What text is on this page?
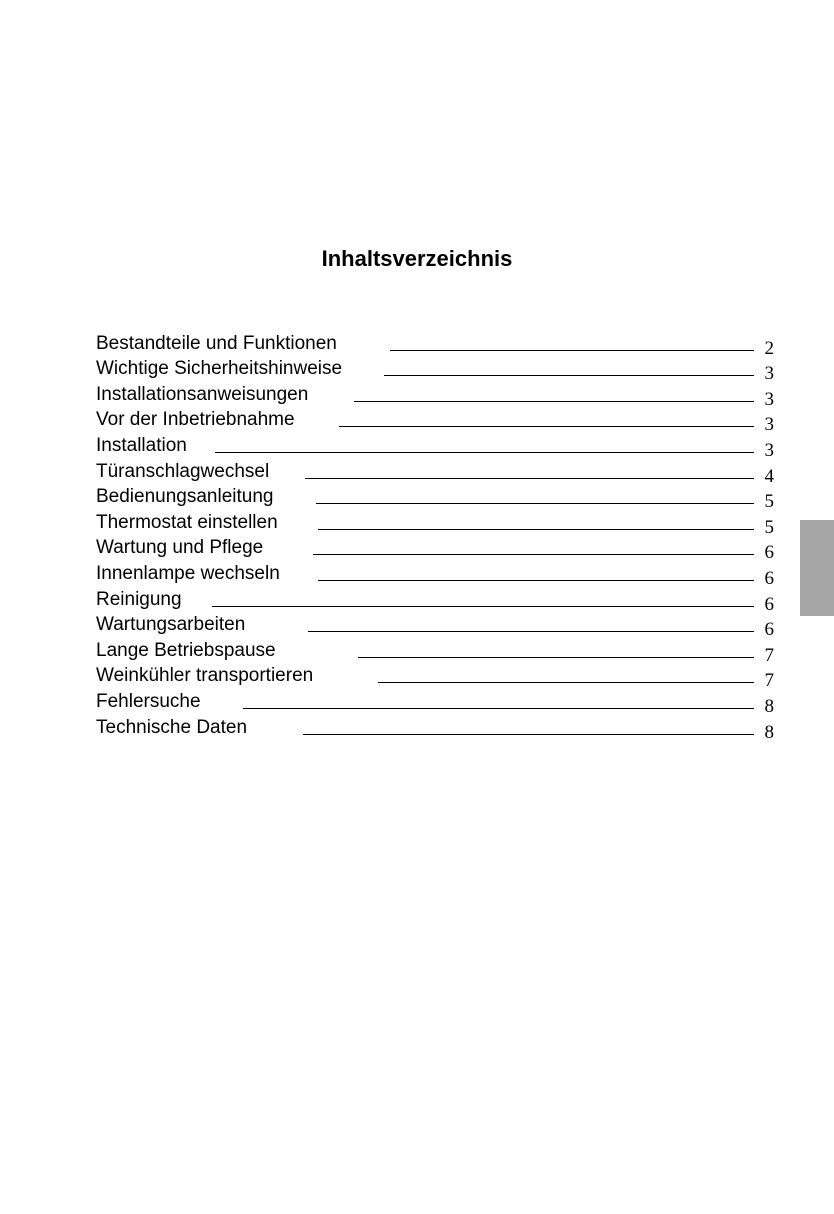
Inhaltsverzeichnis
Bestandteile und Funktionen	2
Wichtige Sicherheitshinweise	3
Installationsanweisungen	3
Vor der Inbetriebnahme	3
Installation	3
Türanschlagwechsel	4
Bedienungsanleitung	5
Thermostat einstellen	5
Wartung und Pflege	6
Innenlampe wechseln	6
Reinigung	6
Wartungsarbeiten	6
Lange Betriebspause	7
Weinkühler transportieren	7
Fehlersuche	8
Technische Daten	8
